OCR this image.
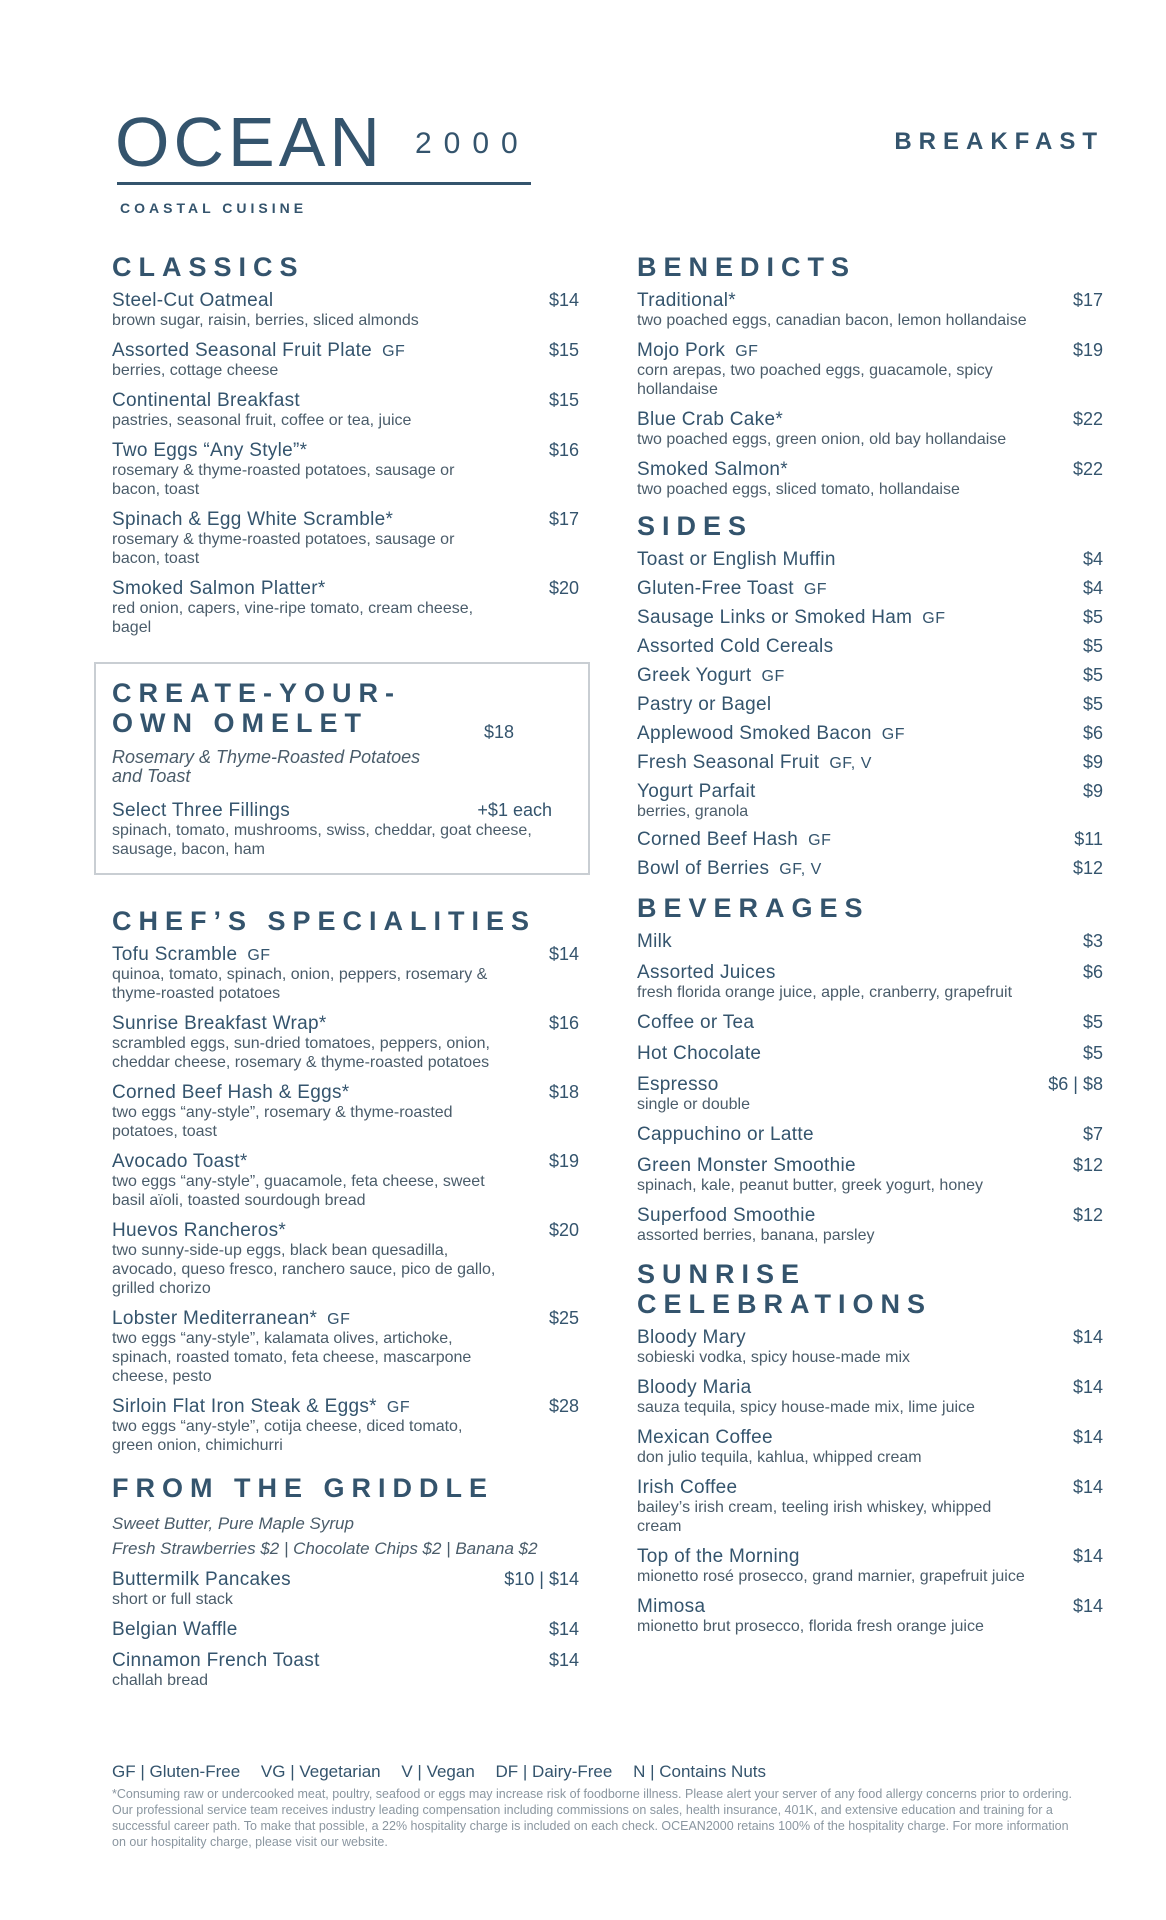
OCEAN	2000
COASTAL CUISINE
BREAKFAST
CLASSICS
Steel-Cut Oatmeal	$14
brown sugar, raisin, berries, sliced almonds
Assorted Seasonal Fruit Plate GF	$15
berries, cottage cheese
Continental Breakfast	$15
pastries, seasonal fruit, coffee or tea, juice
Two Eggs “Any Style”*	$16
rosemary & thyme-roasted potatoes, sausage or bacon, toast
Spinach & Egg White Scramble*	$17
rosemary & thyme-roasted potatoes, sausage or bacon, toast
Smoked Salmon Platter*	$20
red onion, capers, vine-ripe tomato, cream cheese, bagel
CREATE-YOUR-OWN OMELET	$18
Rosemary & Thyme-Roasted Potatoes and Toast
Select Three Fillings	+$1 each
spinach, tomato, mushrooms, swiss, cheddar, goat cheese, sausage, bacon, ham
CHEF’S SPECIALITIES
Tofu Scramble GF	$14
quinoa, tomato, spinach, onion, peppers, rosemary & thyme-roasted potatoes
Sunrise Breakfast Wrap*	$16
scrambled eggs, sun-dried tomatoes, peppers, onion, cheddar cheese, rosemary & thyme-roasted potatoes
Corned Beef Hash & Eggs*	$18
two eggs “any-style”, rosemary & thyme-roasted potatoes, toast
Avocado Toast*	$19
two eggs “any-style”, guacamole, feta cheese, sweet basil aïoli, toasted sourdough bread
Huevos Rancheros*	$20
two sunny-side-up eggs, black bean quesadilla, avocado, queso fresco, ranchero sauce, pico de gallo, grilled chorizo
Lobster Mediterranean* GF	$25
two eggs “any-style”, kalamata olives, artichoke, spinach, roasted tomato, feta cheese, mascarpone cheese, pesto
Sirloin Flat Iron Steak & Eggs* GF	$28
two eggs “any-style”, cotija cheese, diced tomato, green onion, chimichurri
FROM THE GRIDDLE
Sweet Butter, Pure Maple Syrup
Fresh Strawberries $2 | Chocolate Chips $2 | Banana $2
Buttermilk Pancakes	$10 | $14
short or full stack
Belgian Waffle	$14
Cinnamon French Toast	$14
challah bread
BENEDICTS
Traditional*	$17
two poached eggs, canadian bacon, lemon hollandaise
Mojo Pork GF	$19
corn arepas, two poached eggs, guacamole, spicy hollandaise
Blue Crab Cake*	$22
two poached eggs, green onion, old bay hollandaise
Smoked Salmon*	$22
two poached eggs, sliced tomato, hollandaise
SIDES
Toast or English Muffin	$4
Gluten-Free Toast GF	$4
Sausage Links or Smoked Ham GF	$5
Assorted Cold Cereals	$5
Greek Yogurt GF	$5
Pastry or Bagel	$5
Applewood Smoked Bacon GF	$6
Fresh Seasonal Fruit GF, V	$9
Yogurt Parfait	$9
berries, granola
Corned Beef Hash GF	$11
Bowl of Berries GF, V	$12
BEVERAGES
Milk	$3
Assorted Juices	$6
fresh florida orange juice, apple, cranberry, grapefruit
Coffee or Tea	$5
Hot Chocolate	$5
Espresso	$6 | $8
single or double
Cappuchino or Latte	$7
Green Monster Smoothie	$12
spinach, kale, peanut butter, greek yogurt, honey
Superfood Smoothie	$12
assorted berries, banana, parsley
SUNRISE CELEBRATIONS
Bloody Mary	$14
sobieski vodka, spicy house-made mix
Bloody Maria	$14
sauza tequila, spicy house-made mix, lime juice
Mexican Coffee	$14
don julio tequila, kahlua, whipped cream
Irish Coffee	$14
bailey’s irish cream, teeling irish whiskey, whipped cream
Top of the Morning	$14
mionetto rosé prosecco, grand marnier, grapefruit juice
Mimosa	$14
mionetto brut prosecco, florida fresh orange juice
GF | Gluten-Free VG | Vegetarian V | Vegan DF | Dairy-Free N | Contains Nuts
*Consuming raw or undercooked meat, poultry, seafood or eggs may increase risk of foodborne illness. Please alert your server of any food allergy concerns prior to ordering. Our professional service team receives industry leading compensation including commissions on sales, health insurance, 401K, and extensive education and training for a successful career path. To make that possible, a 22% hospitality charge is included on each check. OCEAN2000 retains 100% of the hospitality charge. For more information on our hospitality charge, please visit our website.
